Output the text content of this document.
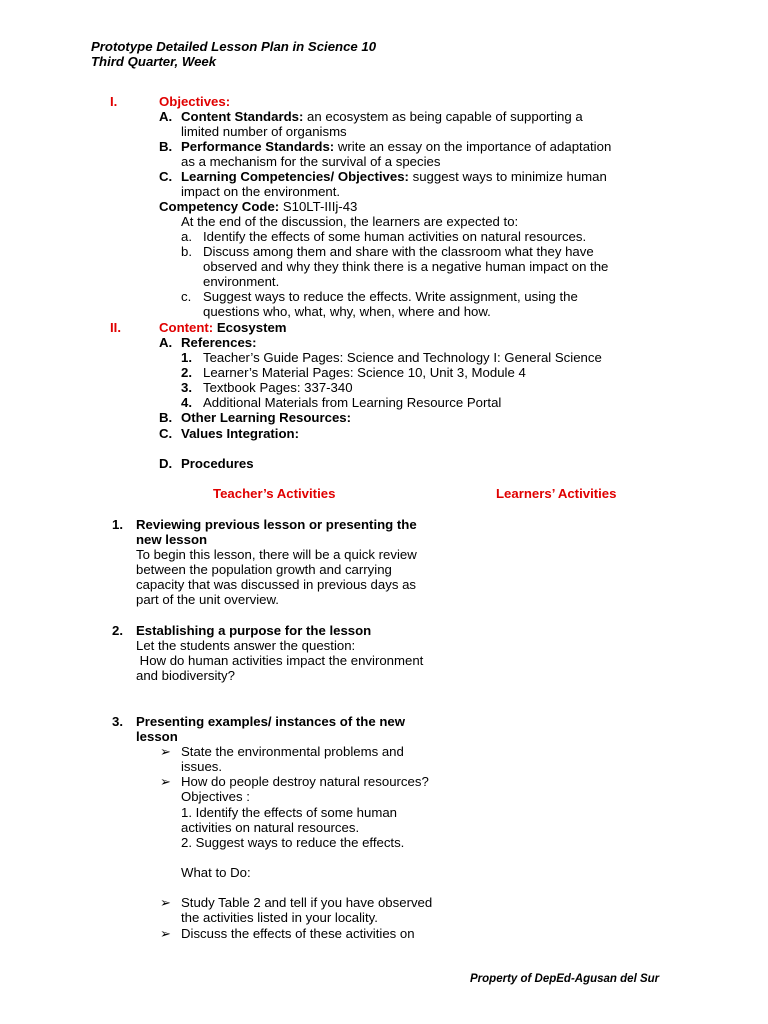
Prototype Detailed Lesson Plan in Science 10
Third Quarter, Week
I.	Objectives:
A. Content Standards: an ecosystem as being capable of supporting a
limited number of organisms
B. Performance Standards: write an essay on the importance of adaptation
as a mechanism for the survival of a species
C. Learning Competencies/ Objectives: suggest ways to minimize human
impact on the environment.
Competency Code: S10LT-IIIj-43
At the end of the discussion, the learners are expected to:
a. Identify the effects of some human activities on natural resources.
b. Discuss among them and share with the classroom what they have
observed and why they think there is a negative human impact on the
environment.
c. Suggest ways to reduce the effects. Write assignment, using the
questions who, what, why, when, where and how.
II.	Content: Ecosystem
A. References:
1. Teacher’s Guide Pages: Science and Technology I: General Science
2. Learner’s Material Pages: Science 10, Unit 3, Module 4
3. Textbook Pages: 337-340
4. Additional Materials from Learning Resource Portal
B. Other Learning Resources:
C. Values Integration:
D. Procedures
Teacher’s Activities	Learners’ Activities
1. Reviewing previous lesson or presenting the
new lesson
To begin this lesson, there will be a quick review
between the population growth and carrying
capacity that was discussed in previous days as
part of the unit overview.
2. Establishing a purpose for the lesson
Let the students answer the question:
How do human activities impact the environment
and biodiversity?
3. Presenting examples/ instances of the new
lesson
➢ State the environmental problems and
issues.
➢ How do people destroy natural resources?
Objectives :
1. Identify the effects of some human
activities on natural resources.
2. Suggest ways to reduce the effects.
What to Do:
➢ Study Table 2 and tell if you have observed
the activities listed in your locality.
➢ Discuss the effects of these activities on
Property of DepEd-Agusan del Sur
